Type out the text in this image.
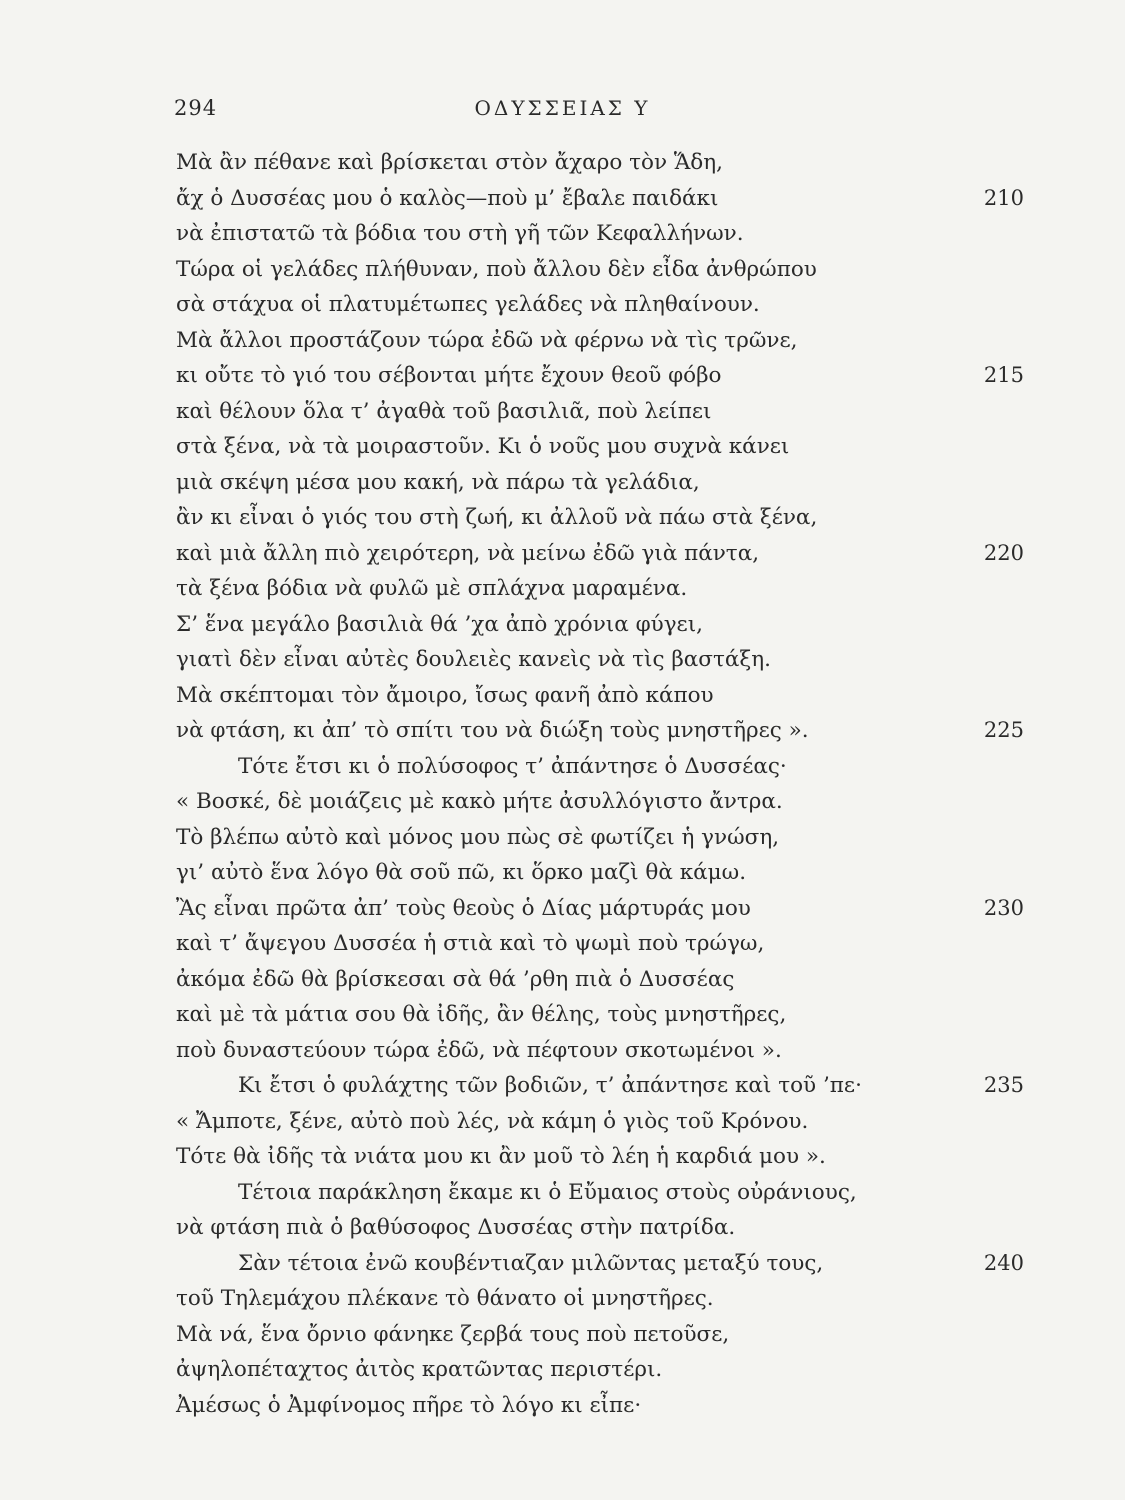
294	ΟΔΥΣΣΕΙΑΣ Υ
Μὰ ἂν πέθανε καὶ βρίσκεται στὸν ἄχαρο τὸν Ἅδη,
ἄχ ὁ Δυσσέας μου ὁ καλὸς—ποὺ μ’ ἔβαλε παιδάκι	210
νὰ ἐπιστατῶ τὰ βόδια του στὴ γῆ τῶν Κεφαλλήνων.
Τώρα οἱ γελάδες πλήθυναν, ποὺ ἄλλου δὲν εἶδα ἀνθρώπου
σὰ στάχυα οἱ πλατυμέτωπες γελάδες νὰ πληθαίνουν.
Μὰ ἄλλοι προστάζουν τώρα ἐδῶ νὰ φέρνω νὰ τὶς τρῶνε,
κι οὔτε τὸ γιό του σέβονται μήτε ἔχουν θεοῦ φόβο	215
καὶ θέλουν ὅλα τ’ ἀγαθὰ τοῦ βασιλιᾶ, ποὺ λείπει
στὰ ξένα, νὰ τὰ μοιραστοῦν. Κι ὁ νοῦς μου συχνὰ κάνει
μιὰ σκέψη μέσα μου κακή, νὰ πάρω τὰ γελάδια,
ἂν κι εἶναι ὁ γιός του στὴ ζωή, κι ἀλλοῦ νὰ πάω στὰ ξένα,
καὶ μιὰ ἄλλη πιὸ χειρότερη, νὰ μείνω ἐδῶ γιὰ πάντα,	220
τὰ ξένα βόδια νὰ φυλῶ μὲ σπλάχνα μαραμένα.
Σ’ ἕνα μεγάλο βασιλιὰ θά ’χα ἀπὸ χρόνια φύγει,
γιατὶ δὲν εἶναι αὐτὲς δουλειὲς κανεὶς νὰ τὶς βαστάξη.
Μὰ σκέπτομαι τὸν ἄμοιρο, ἴσως φανῆ ἀπὸ κάπου
νὰ φτάση, κι ἀπ’ τὸ σπίτι του νὰ διώξη τοὺς μνηστῆρες ».	225
Τότε ἔτσι κι ὁ πολύσοφος τ’ ἀπάντησε ὁ Δυσσέας·
« Βοσκέ, δὲ μοιάζεις μὲ κακὸ μήτε ἀσυλλόγιστο ἄντρα.
Τὸ βλέπω αὐτὸ καὶ μόνος μου πὼς σὲ φωτίζει ἡ γνώση,
γι’ αὐτὸ ἕνα λόγο θὰ σοῦ πῶ, κι ὅρκο μαζὶ θὰ κάμω.
Ἂς εἶναι πρῶτα ἀπ’ τοὺς θεοὺς ὁ Δίας μάρτυράς μου	230
καὶ τ’ ἄψεγου Δυσσέα ἡ στιὰ καὶ τὸ ψωμὶ ποὺ τρώγω,
ἀκόμα ἐδῶ θὰ βρίσκεσαι σὰ θά ’ρθη πιὰ ὁ Δυσσέας
καὶ μὲ τὰ μάτια σου θὰ ἰδῆς, ἂν θέλης, τοὺς μνηστῆρες,
ποὺ δυναστεύουν τώρα ἐδῶ, νὰ πέφτουν σκοτωμένοι ».
Κι ἔτσι ὁ φυλάχτης τῶν βοδιῶν, τ’ ἀπάντησε καὶ τοῦ ’πε·	235
« Ἄμποτε, ξένε, αὐτὸ ποὺ λές, νὰ κάμη ὁ γιὸς τοῦ Κρόνου.
Τότε θὰ ἰδῆς τὰ νιάτα μου κι ἂν μοῦ τὸ λέη ἡ καρδιά μου ».
Τέτοια παράκληση ἔκαμε κι ὁ Εὔμαιος στοὺς οὐράνιους,
νὰ φτάση πιὰ ὁ βαθύσοφος Δυσσέας στὴν πατρίδα.
Σὰν τέτοια ἐνῶ κουβέντιαζαν μιλῶντας μεταξύ τους,	240
τοῦ Τηλεμάχου πλέκανε τὸ θάνατο οἱ μνηστῆρες.
Μὰ νά, ἕνα ὄρνιο φάνηκε ζερβά τους ποὺ πετοῦσε,
ἀψηλοπέταχτος ἀιτὸς κρατῶντας περιστέρι.
Ἀμέσως ὁ Ἀμφίνομος πῆρε τὸ λόγο κι εἶπε·
